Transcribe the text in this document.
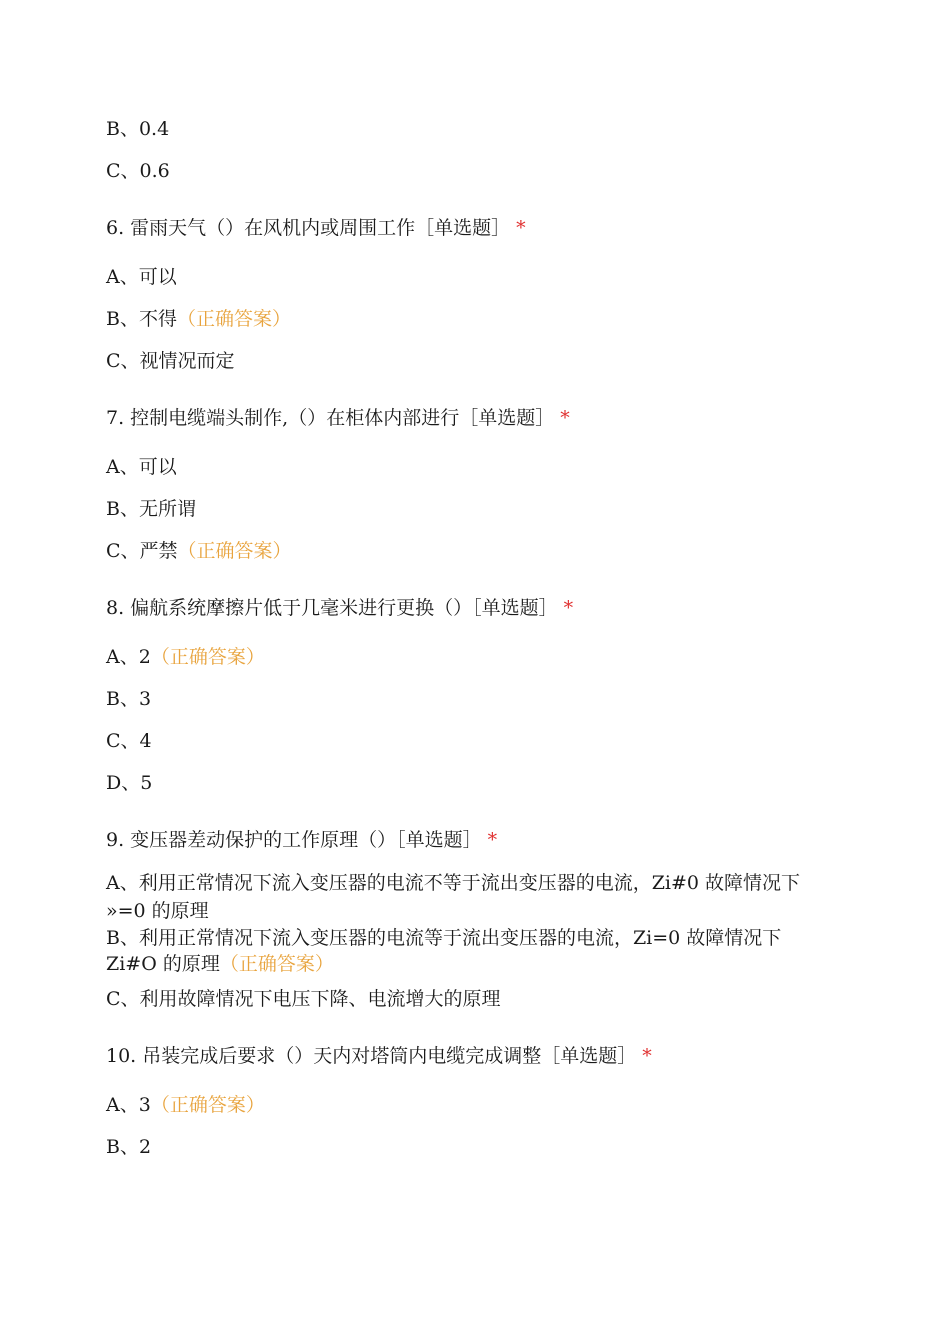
B、0.4
C、0.6
6. 雷雨天气（）在风机内或周围工作［单选题］ *
A、可以
B、不得（正确答案）
C、视情况而定
7. 控制电缆端头制作,（）在柜体内部进行［单选题］ *
A、可以
B、无所谓
C、严禁（正确答案）
8. 偏航系统摩擦片低于几毫米进行更换（）［单选题］ *
A、2（正确答案）
B、3
C、4
D、5
9. 变压器差动保护的工作原理（）［单选题］ *
A、利用正常情况下流入变压器的电流不等于流出变压器的电流，Zi#0 故障情况下
»=0 的原理
B、利用正常情况下流入变压器的电流等于流出变压器的电流，Zi=0 故障情况下
Zi#O 的原理（正确答案）
C、利用故障情况下电压下降、电流增大的原理
10. 吊装完成后要求（）天内对塔筒内电缆完成调整［单选题］ *
A、3（正确答案）
B、2
